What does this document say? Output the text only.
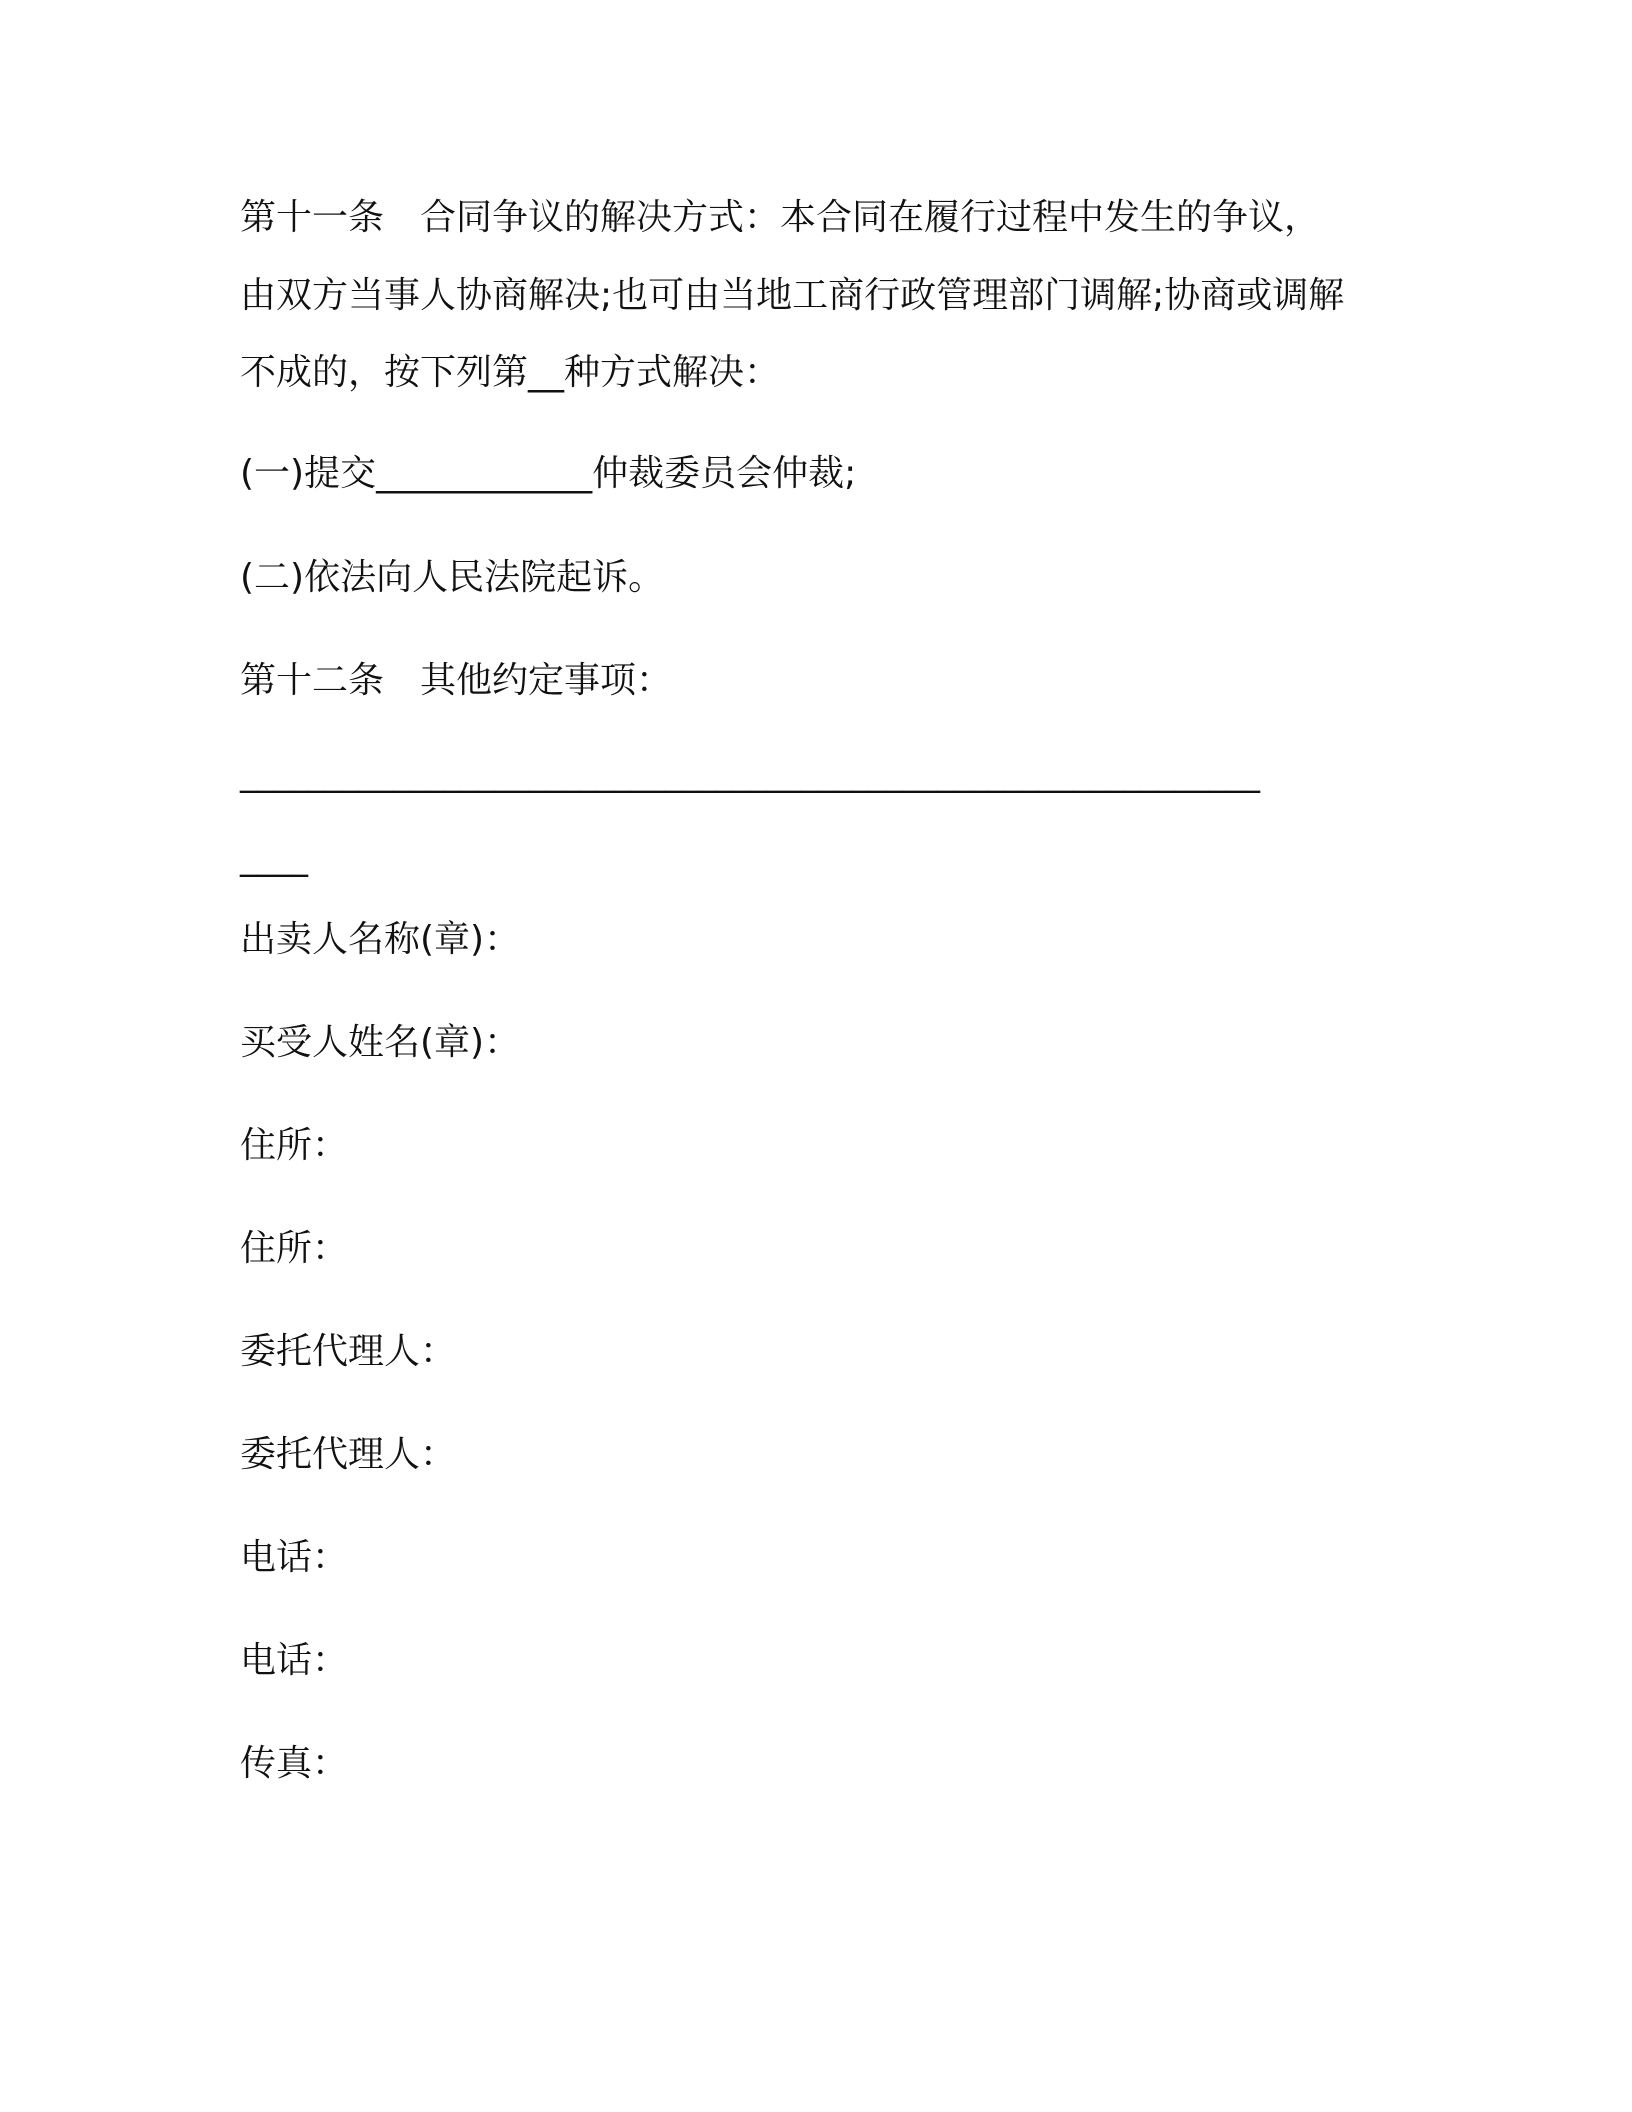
第十一条　合同争议的解决方式：本合同在履行过程中发生的争议，
由双方当事人协商解决;也可由当地工商行政管理部门调解;协商或调解
不成的，按下列第__种方式解决：
(一)提交____________仲裁委员会仲裁;
(二)依法向人民法院起诉。
第十二条　其他约定事项：
____________________________________________________________
____
出卖人名称(章)：
买受人姓名(章)：
住所：
住所：
委托代理人：
委托代理人：
电话：
电话：
传真：
